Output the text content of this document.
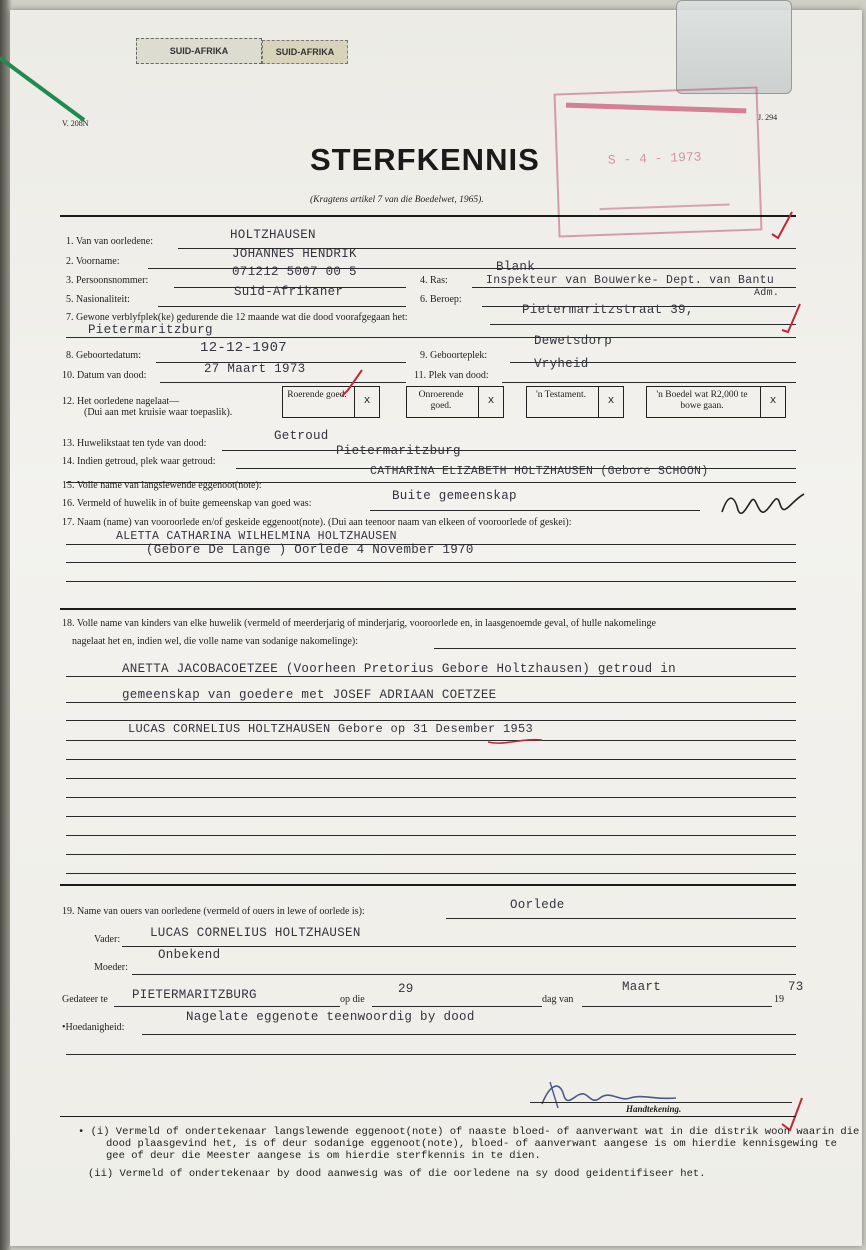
SUID-AFRIKA	SUID-AFRIKA
V. 208N
J. 294
S - 4 - 1973
STERFKENNIS
(Kragtens artikel 7 van die Boedelwet, 1965).
1. Van van oorledene:	HOLTZHAUSEN
2. Voorname:
JOHANNES HENDRIK
3. Persoonsnommer:
071212 5007 00 5
4. Ras:
Blank
5. Nasionaliteit:
Suid-Afrikaner
6. Beroep:
Inspekteur van Bouwerke- Dept. van Bantu
Adm.
7. Gewone verblyfplek(ke) gedurende die 12 maande wat die dood voorafgegaan het:
Pietermaritzstraat 39,
Pietermaritzburg
8. Geboortedatum:	12-12-1907	9. Geboorteplek:
Dewetsdorp
10. Datum van dood:	27 Maart 1973	11. Plek van dood:
Vryheid
12. Het oorledene nagelaat—
(Dui aan met kruisie waar toepaslik).
Roerende goed.	x	Onroerende goed.	x	'n Testament.	x	'n Boedel wat R2,000 te bowe gaan.	x
13. Huwelikstaat ten tyde van dood:
Getroud
14. Indien getroud, plek waar getroud:
Pietermaritzburg
15. Volle name van langslewende eggenoot(note):
CATHARINA ELIZABETH HOLTZHAUSEN (Gebore SCHOON)
16. Vermeld of huwelik in of buite gemeenskap van goed was:
Buite gemeenskap
17. Naam (name) van vooroorlede en/of geskeide eggenoot(note). (Dui aan teenoor naam van elkeen of vooroorlede of geskei):
ALETTA CATHARINA WILHELMINA HOLTZHAUSEN
(Gebore De Lange ) Oorlede 4 November 1970
18. Volle name van kinders van elke huwelik (vermeld of meerderjarig of minderjarig, vooroorlede en, in laasgenoemde geval, of hulle nakomelinge
nagelaat het en, indien wel, die volle name van sodanige nakomelinge):
ANETTA JACOBACOETZEE (Voorheen Pretorius Gebore Holtzhausen) getroud in
gemeenskap van goedere met JOSEF ADRIAAN COETZEE
LUCAS CORNELIUS HOLTZHAUSEN Gebore op 31 Desember 1953
19. Name van ouers van oorledene (vermeld of ouers in lewe of oorlede is):	Oorlede
Vader: LUCAS CORNELIUS HOLTZHAUSEN
Moeder:
Onbekend
Gedateer te PIETERMARITZBURG	op die
29
dag van
Maart
19
73
•Hoedanigheid:
Nagelate eggenote teenwoordig by dood
Handtekening.
• (i) Vermeld of ondertekenaar langslewende eggenoot(note) of naaste bloed- of aanverwant wat in die distrik woon waarin die
dood plaasgevind het, is of deur sodanige eggenoot(note), bloed- of aanverwant aangese is om hierdie kennisgewing te
gee of deur die Meester aangese is om hierdie sterfkennis in te dien.
(ii) Vermeld of ondertekenaar by dood aanwesig was of die oorledene na sy dood geidentifiseer het.
